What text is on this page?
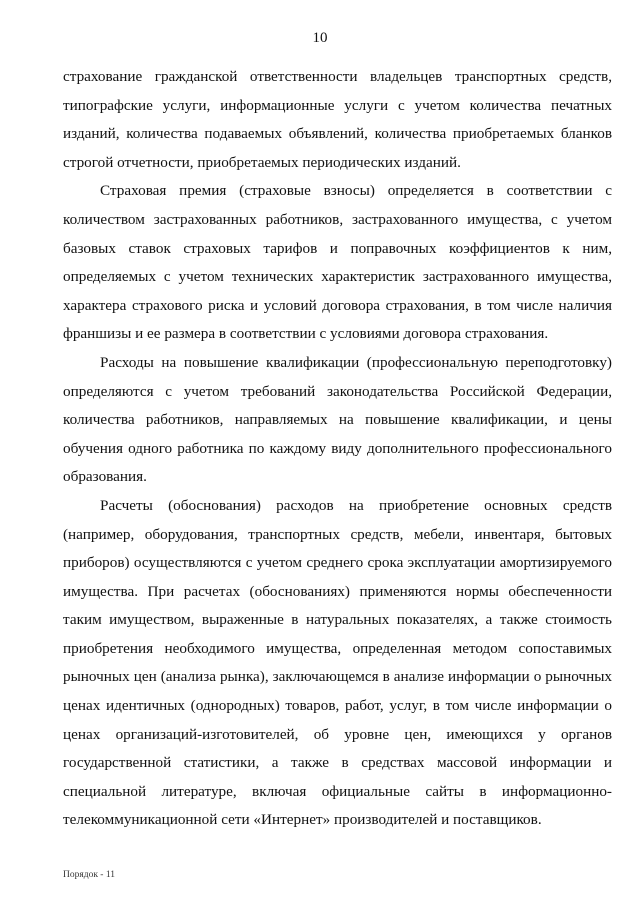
10

страхование гражданской ответственности владельцев транспортных средств, типографские услуги, информационные услуги с учетом количества печатных изданий, количества подаваемых объявлений, количества приобретаемых бланков строгой отчетности, приобретаемых периодических изданий.

Страховая премия (страховые взносы) определяется в соответствии с количеством застрахованных работников, застрахованного имущества, с учетом базовых ставок страховых тарифов и поправочных коэффициентов к ним, определяемых с учетом технических характеристик застрахованного имущества, характера страхового риска и условий договора страхования, в том числе наличия франшизы и ее размера в соответствии с условиями договора страхования.

Расходы на повышение квалификации (профессиональную переподготовку) определяются с учетом требований законодательства Российской Федерации, количества работников, направляемых на повышение квалификации, и цены обучения одного работника по каждому виду дополнительного профессионального образования.

Расчеты (обоснования) расходов на приобретение основных средств (например, оборудования, транспортных средств, мебели, инвентаря, бытовых приборов) осуществляются с учетом среднего срока эксплуатации амортизируемого имущества. При расчетах (обоснованиях) применяются нормы обеспеченности таким имуществом, выраженные в натуральных показателях, а также стоимость приобретения необходимого имущества, определенная методом сопоставимых рыночных цен (анализа рынка), заключающемся в анализе информации о рыночных ценах идентичных (однородных) товаров, работ, услуг, в том числе информации о ценах организаций-изготовителей, об уровне цен, имеющихся у органов государственной статистики, а также в средствах массовой информации и специальной литературе, включая официальные сайты в информационно-телекоммуникационной сети «Интернет» производителей и поставщиков.

Порядок - 11
